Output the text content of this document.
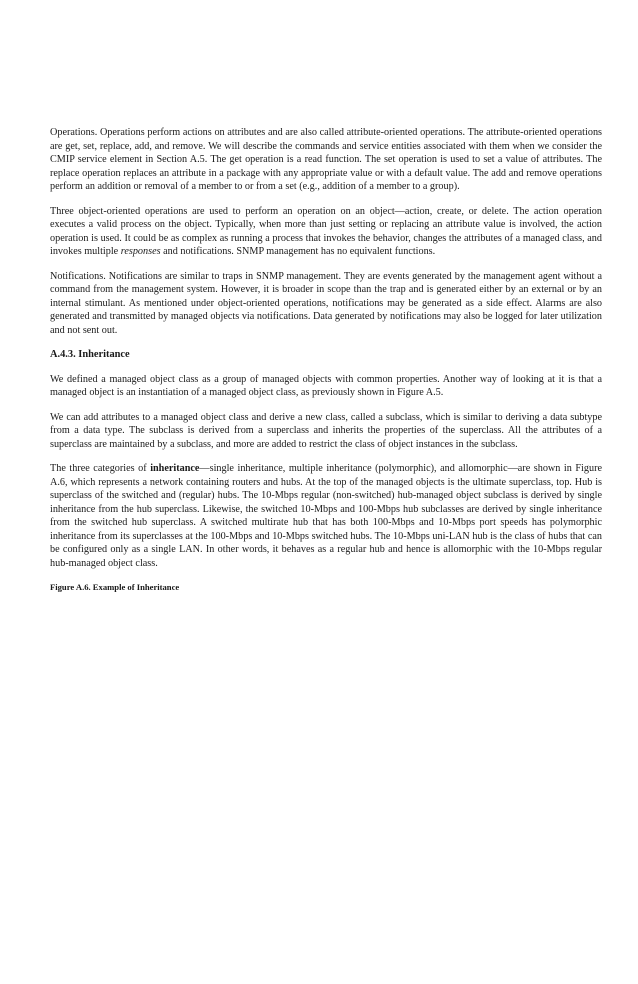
Operations. Operations perform actions on attributes and are also called attribute-oriented operations. The attribute-oriented operations are get, set, replace, add, and remove. We will describe the commands and service entities associated with them when we consider the CMIP service element in Section A.5. The get operation is a read function. The set operation is used to set a value of attributes. The replace operation replaces an attribute in a package with any appropriate value or with a default value. The add and remove operations perform an addition or removal of a member to or from a set (e.g., addition of a member to a group).

Three object-oriented operations are used to perform an operation on an object—action, create, or delete. The action operation executes a valid process on the object. Typically, when more than just setting or replacing an attribute value is involved, the action operation is used. It could be as complex as running a process that invokes the behavior, changes the attributes of a managed class, and invokes multiple responses and notifications. SNMP management has no equivalent functions.

Notifications. Notifications are similar to traps in SNMP management. They are events generated by the management agent without a command from the management system. However, it is broader in scope than the trap and is generated either by an external or by an internal stimulant. As mentioned under object-oriented operations, notifications may be generated as a side effect. Alarms are also generated and transmitted by managed objects via notifications. Data generated by notifications may also be logged for later utilization and not sent out.

A.4.3. Inheritance

We defined a managed object class as a group of managed objects with common properties. Another way of looking at it is that a managed object is an instantiation of a managed object class, as previously shown in Figure A.5.

We can add attributes to a managed object class and derive a new class, called a subclass, which is similar to deriving a data subtype from a data type. The subclass is derived from a superclass and inherits the properties of the superclass. All the attributes of a superclass are maintained by a subclass, and more are added to restrict the class of object instances in the subclass.

The three categories of inheritance—single inheritance, multiple inheritance (polymorphic), and allomorphic—are shown in Figure A.6, which represents a network containing routers and hubs. At the top of the managed objects is the ultimate superclass, top. Hub is superclass of the switched and (regular) hubs. The 10-Mbps regular (non-switched) hub-managed object subclass is derived by single inheritance from the hub superclass. Likewise, the switched 10-Mbps and 100-Mbps hub subclasses are derived by single inheritance from the switched hub superclass. A switched multirate hub that has both 100-Mbps and 10-Mbps port speeds has polymorphic inheritance from its superclasses at the 100-Mbps and 10-Mbps switched hubs. The 10-Mbps uni-LAN hub is the class of hubs that can be configured only as a single LAN. In other words, it behaves as a regular hub and hence is allomorphic with the 10-Mbps regular hub-managed object class.

Figure A.6. Example of Inheritance
